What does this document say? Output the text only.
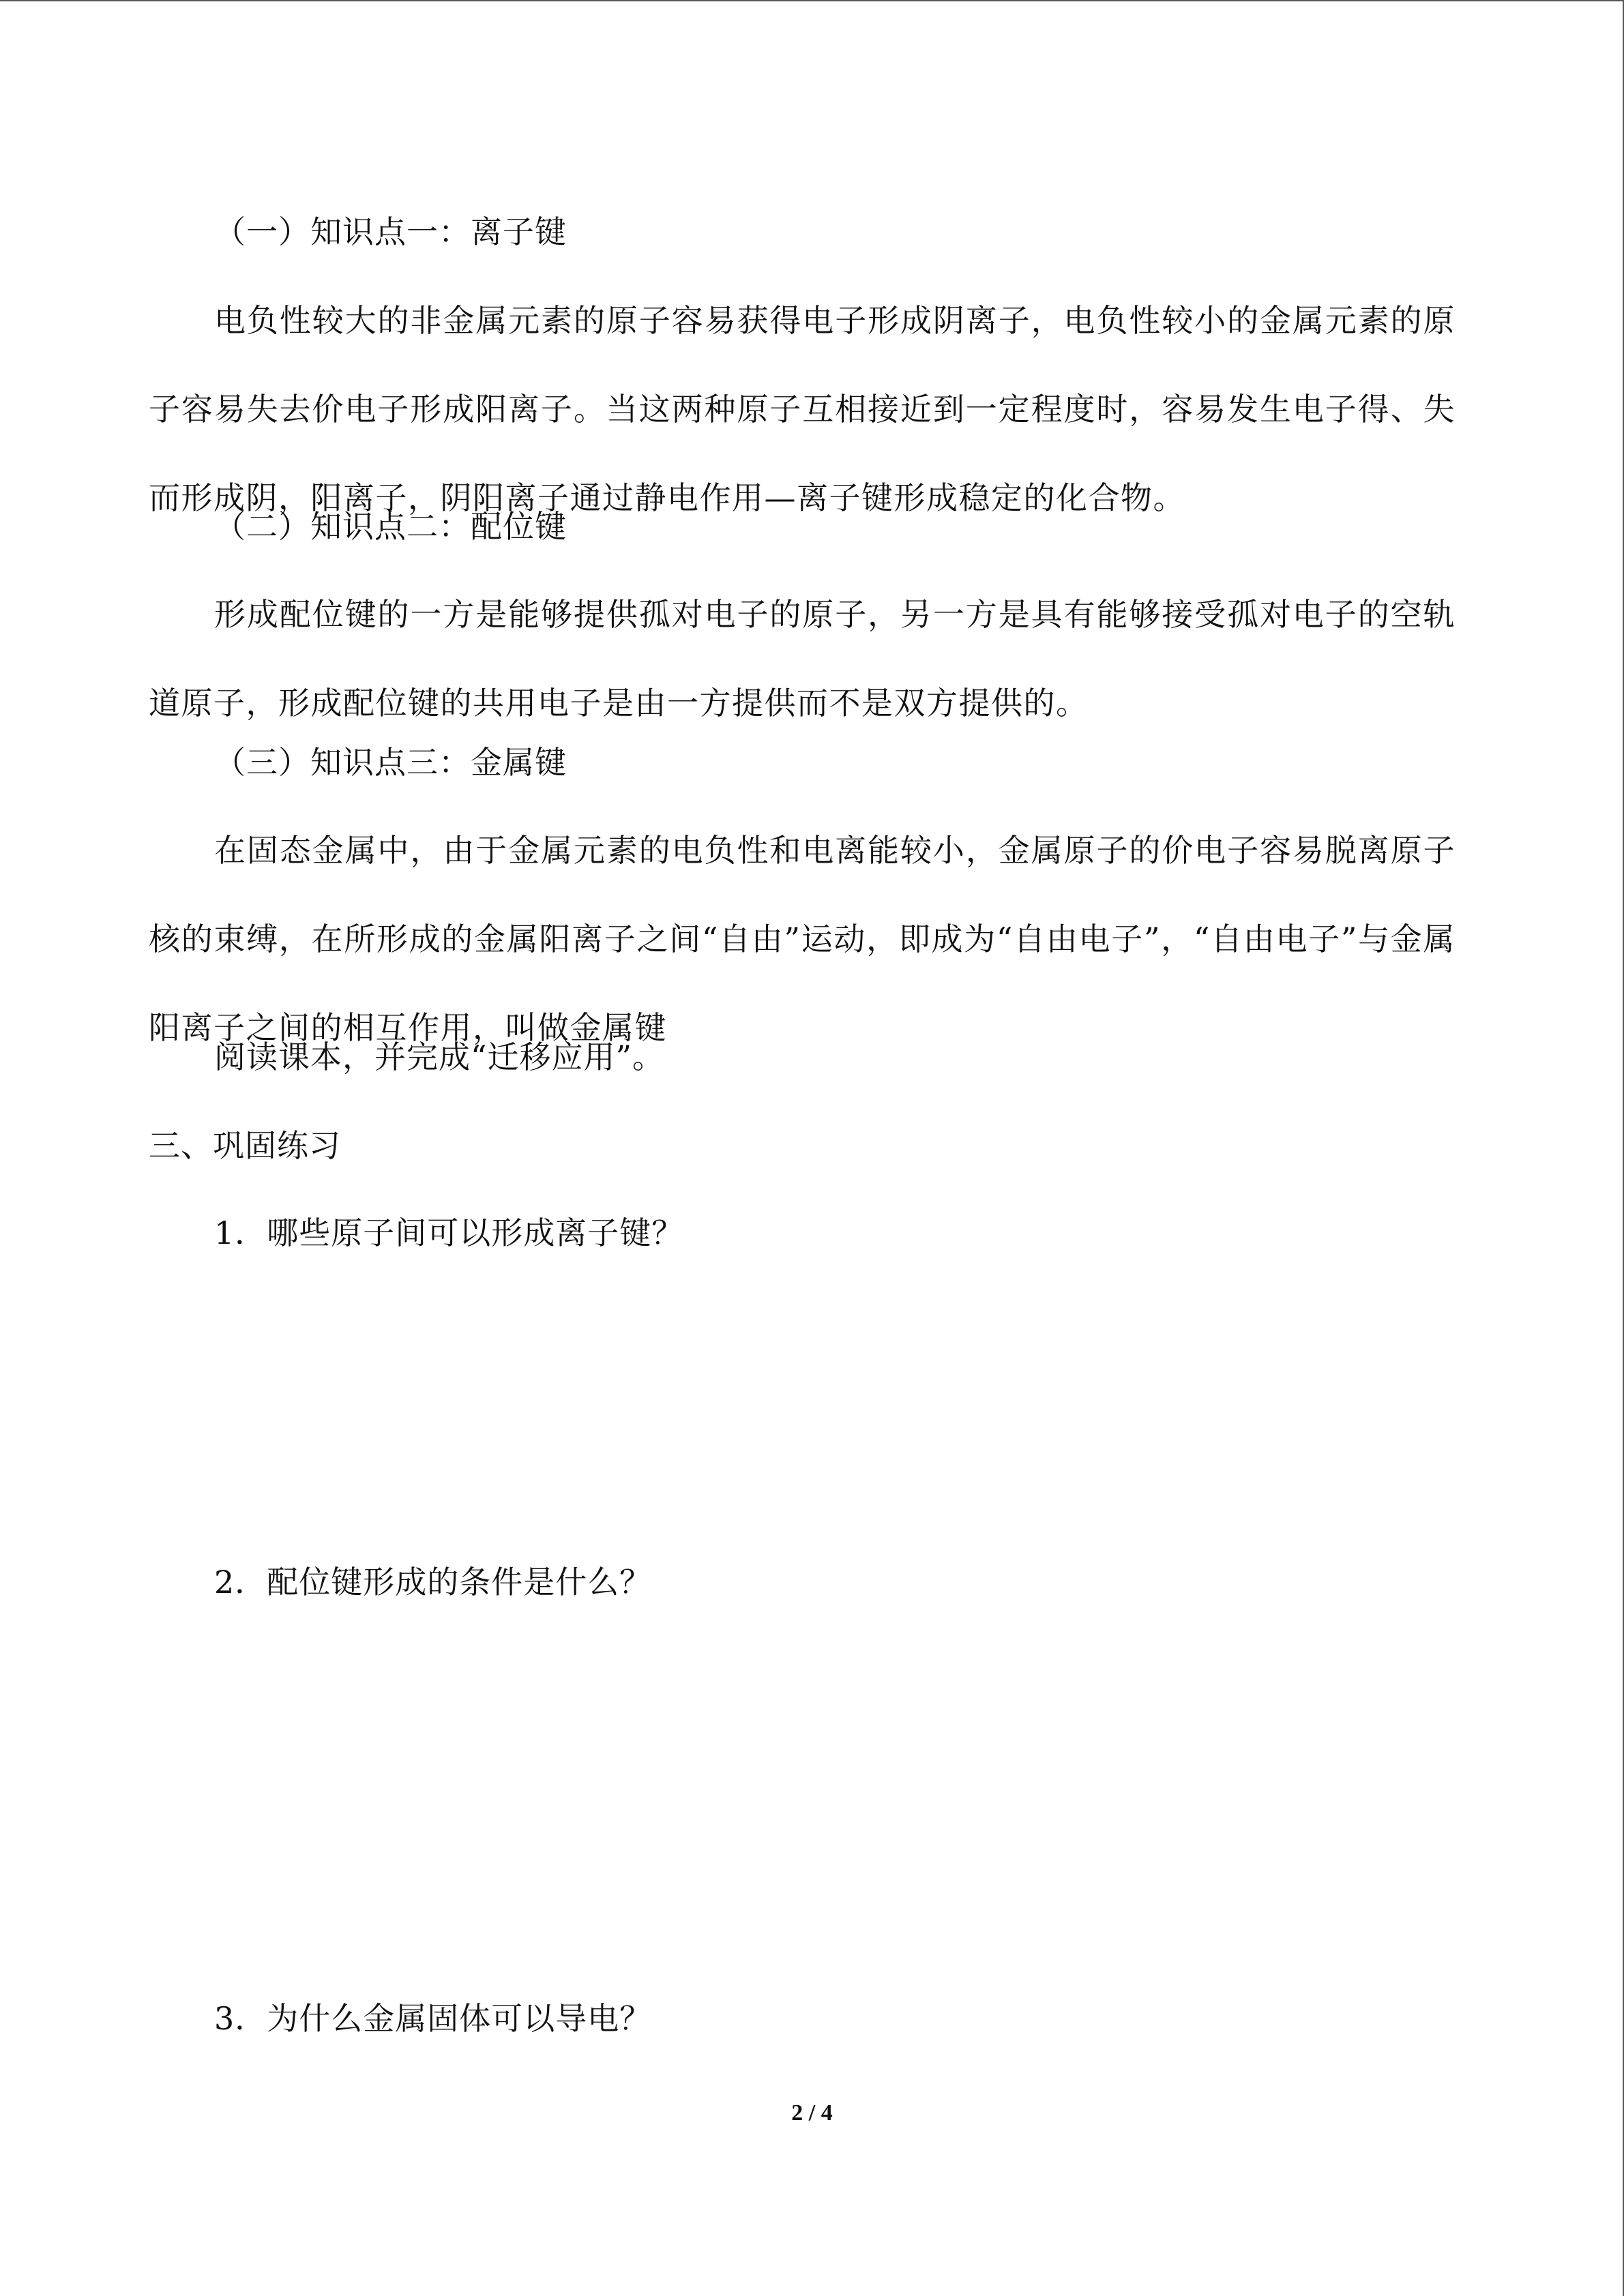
（一）知识点一：离子键
电负性较大的非金属元素的原子容易获得电子形成阴离子，电负性较小的金属元素的原子容易失去价电子形成阳离子。当这两种原子互相接近到一定程度时，容易发生电子得、失而形成阴，阳离子，阴阳离子通过静电作用—离子键形成稳定的化合物。
（二）知识点二：配位键
形成配位键的一方是能够提供孤对电子的原子，另一方是具有能够接受孤对电子的空轨道原子，形成配位键的共用电子是由一方提供而不是双方提供的。
（三）知识点三：金属键
在固态金属中，由于金属元素的电负性和电离能较小，金属原子的价电子容易脱离原子核的束缚，在所形成的金属阳离子之间“自由”运动，即成为“自由电子”，“自由电子”与金属阳离子之间的相互作用，叫做金属键
阅读课本，并完成“迁移应用”。
三、巩固练习
1．哪些原子间可以形成离子键？
2．配位键形成的条件是什么？
3．为什么金属固体可以导电？
2 / 4
